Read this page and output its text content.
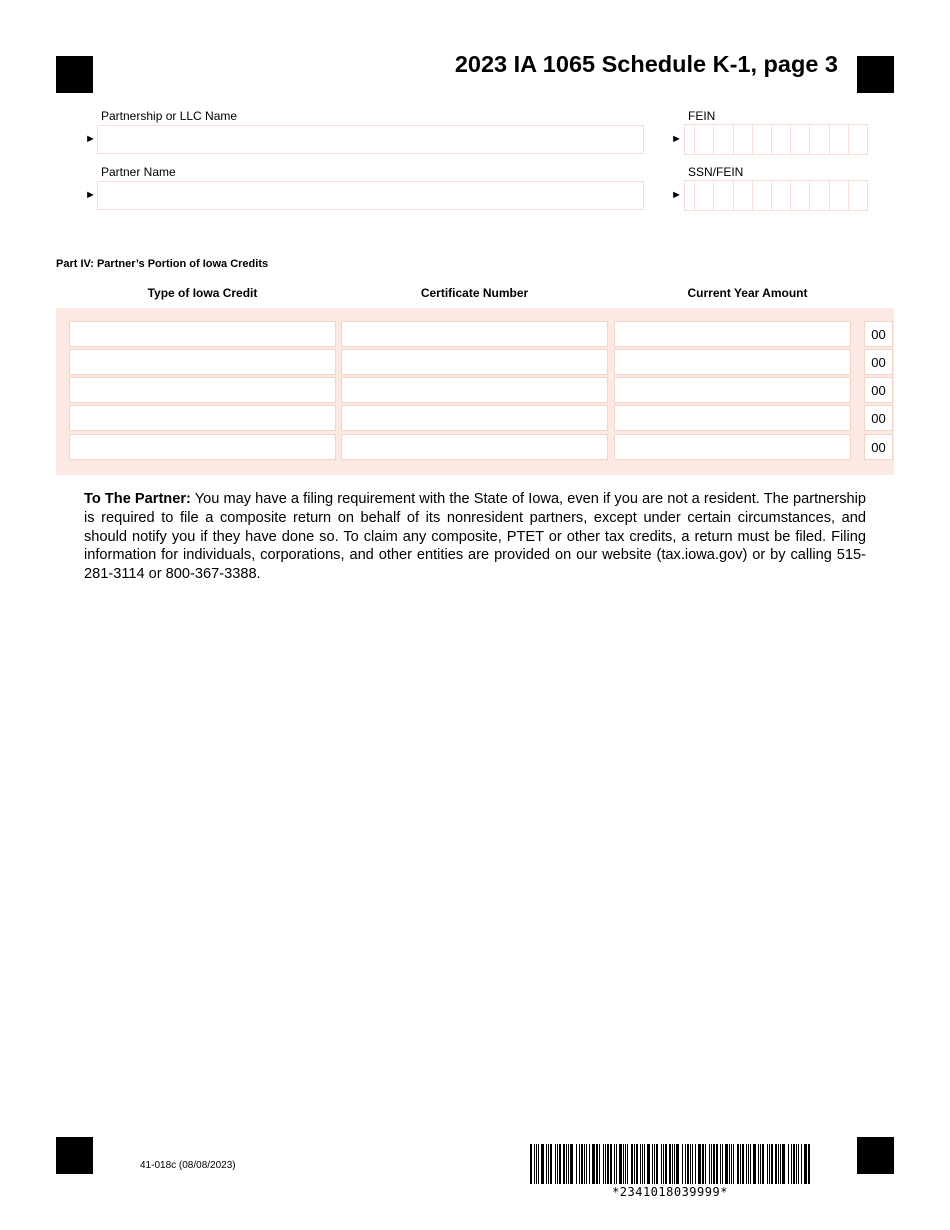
2023 IA 1065 Schedule K-1, page 3
Partnership or LLC Name
►
FEIN
►
Partner Name
►
SSN/FEIN
►
Part IV: Partner’s Portion of Iowa Credits
Type of Iowa Credit	Certificate Number	Current Year Amount
00
00
00
00
00
To The Partner: You may have a filing requirement with the State of Iowa, even if you are not a resident. The partnership is required to file a composite return on behalf of its nonresident partners, except under certain circumstances, and should notify you if they have done so. To claim any composite, PTET or other tax credits, a return must be filed. Filing information for individuals, corporations, and other entities are provided on our website (tax.iowa.gov) or by calling 515-281-3114 or 800-367-3388.
41-018c (08/08/2023)
*2341018039999*
